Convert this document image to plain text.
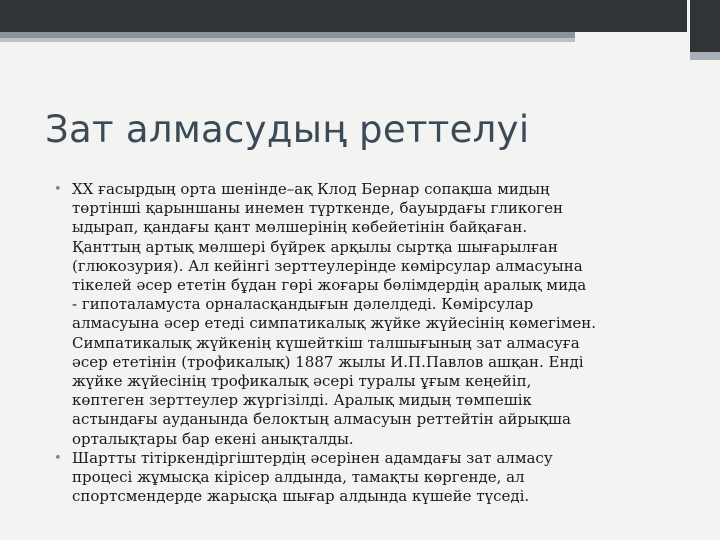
Зат алмасудың реттелуі
• ХХ ғасырдың орта шенінде–ақ Клод Бернар сопақша мидың
төртінші қарыншаны инемен түрткенде, бауырдағы гликоген
ыдырап, қандағы қант мөлшерінің көбейетінін байқаған.
Қанттың артық мөлшері бүйрек арқылы сыртқа шығарылған
(глюкозурия). Ал кейінгі зерттеулерінде көмірсулар алмасуына
тікелей әсер ететін бұдан гөрі жоғары бөлімдердің аралық мида
- гипоталамуста орналасқандығын дәлелдеді. Көмірсулар
алмасуына әсер етеді симпатикалық жүйке жүйесінің көмегімен.
Симпатикалық жүйкенің күшейткіш талшығының зат алмасуға
әсер ететінін (трофикалық) 1887 жылы И.П.Павлов ашқан. Енді
жүйке жүйесінің трофикалық әсері туралы ұғым кеңейіп,
көптеген зерттеулер жүргізілді. Аралық мидың төмпешік
астындағы ауданында белоктың алмасуын реттейтін айрықша
орталықтары бар екені анықталды.
• Шартты тітіркендіргіштердің әсерінен адамдағы зат алмасу
процесі жұмысқа кірісер алдында, тамақты көргенде, ал
спортсмендерде жарысқа шығар алдында күшейе түседі.
